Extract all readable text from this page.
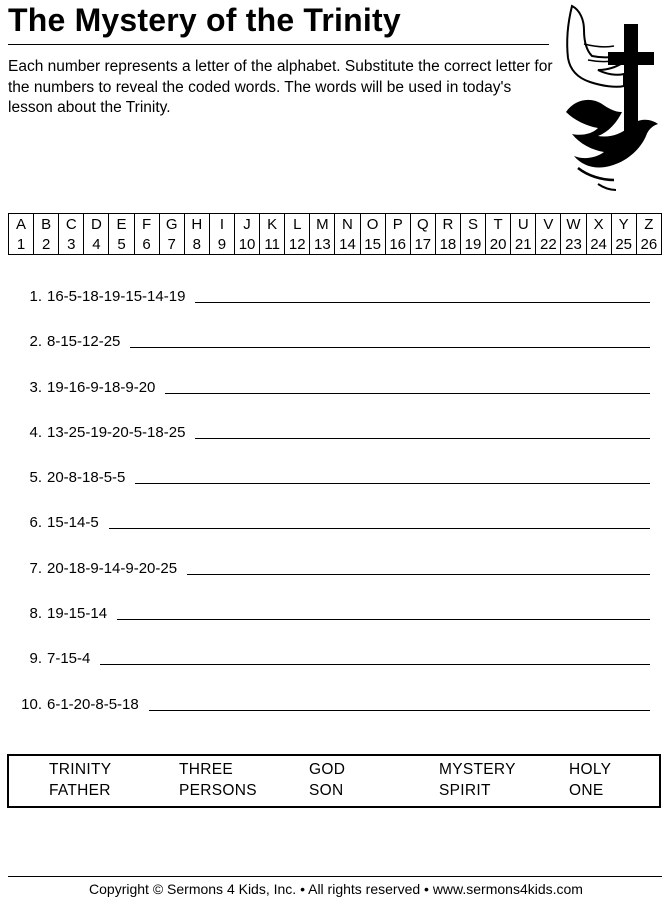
The Mystery of the Trinity

Each number represents a letter of the alphabet. Substitute the correct letter for the numbers to reveal the coded words. The words will be used in today's lesson about the Trinity.

A	B	C	D	E	F	G	H	I	J	K	L	M	N	O	P	Q	R	S	T	U	V	W	X	Y	Z
1	2	3	4	5	6	7	8	9	10	11	12	13	14	15	16	17	18	19	20	21	22	23	24	25	26
1. 16-5-18-19-15-14-19
2. 8-15-12-25
3. 19-16-9-18-9-20
4. 13-25-19-20-5-18-25
5. 20-8-18-5-5
6. 15-14-5
7. 20-18-9-14-9-20-25
8. 19-15-14
9. 7-15-4
10. 6-1-20-8-5-18
TRINITY	THREE	GOD	MYSTERY	HOLY
FATHER	PERSONS	SON	SPIRIT	ONE

Copyright © Sermons 4 Kids, Inc. • All rights reserved • www.sermons4kids.com
